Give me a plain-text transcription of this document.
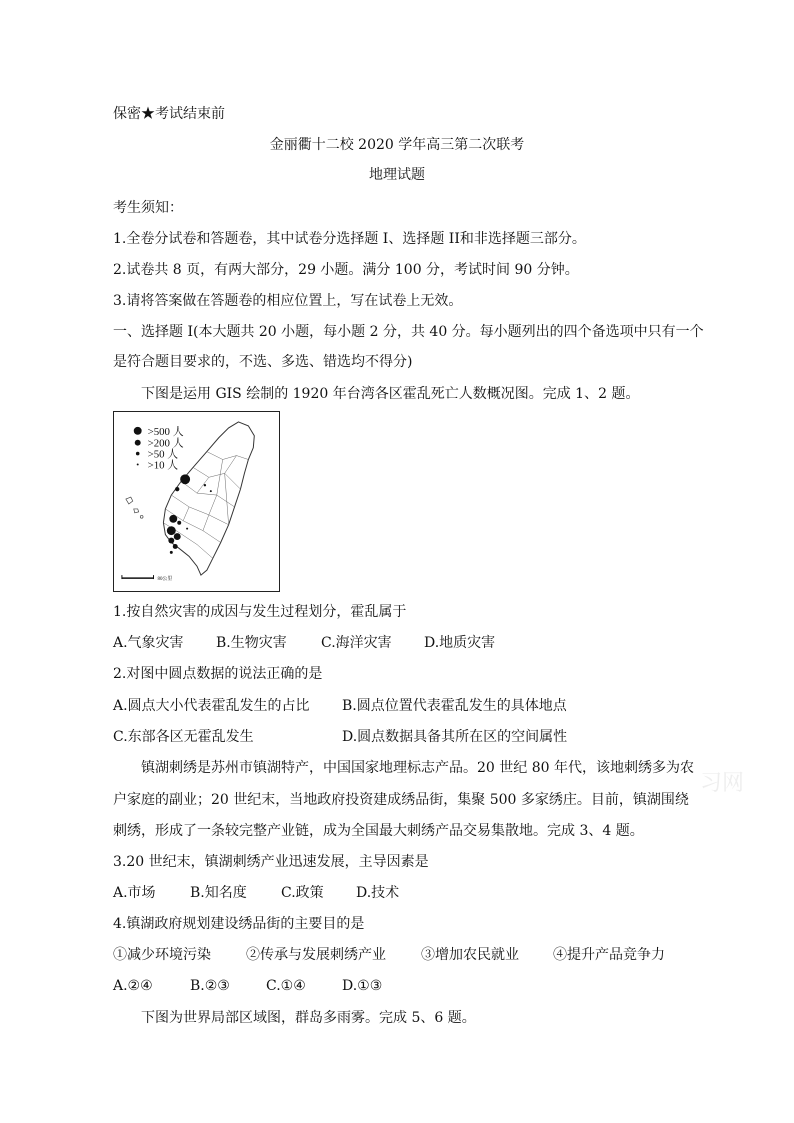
保密★考试结束前

金丽衢十二校 2020 学年高三第二次联考

地理试题

考生须知：

1.全卷分试卷和答题卷，其中试卷分选择题 I、选择题 II和非选择题三部分。

2.试卷共 8 页，有两大部分，29 小题。满分 100 分，考试时间 90 分钟。

3.请将答案做在答题卷的相应位置上，写在试卷上无效。

一、选择题 I(本大题共 20 小题，每小题 2 分，共 40 分。每小题列出的四个备选项中只有一个

是符合题目要求的，不选、多选、错选均不得分)

下图是运用 GIS 绘制的 1920 年台湾各区霍乱死亡人数概况图。完成 1、2 题。

>500 人
>200 人
>50 人
>10 人
80公里

1.按自然灾害的成因与发生过程划分，霍乱属于

A.气象灾害 B.生物灾害 C.海洋灾害 D.地质灾害

2.对图中圆点数据的说法正确的是

A.圆点大小代表霍乱发生的占比 B.圆点位置代表霍乱发生的具体地点

C.东部各区无霍乱发生	D.圆点数据具备其所在区的空间属性

镇湖刺绣是苏州市镇湖特产，中国国家地理标志产品。20 世纪 80 年代，该地刺绣多为农

户家庭的副业；20 世纪末，当地政府投资建成绣品街，集聚 500 多家绣庄。目前，镇湖围绕

刺绣，形成了一条较完整产业链，成为全国最大刺绣产品交易集散地。完成 3、4 题。

习网

3.20 世纪末，镇湖刺绣产业迅速发展，主导因素是

A.市场 B.知名度 C.政策 D.技术

4.镇湖政府规划建设绣品街的主要目的是

①减少环境污染	②传承与发展刺绣产业	③增加农民就业 ④提升产品竞争力

A.②④	B.②③	C.①④	D.①③

下图为世界局部区域图，群岛多雨雾。完成 5、6 题。
